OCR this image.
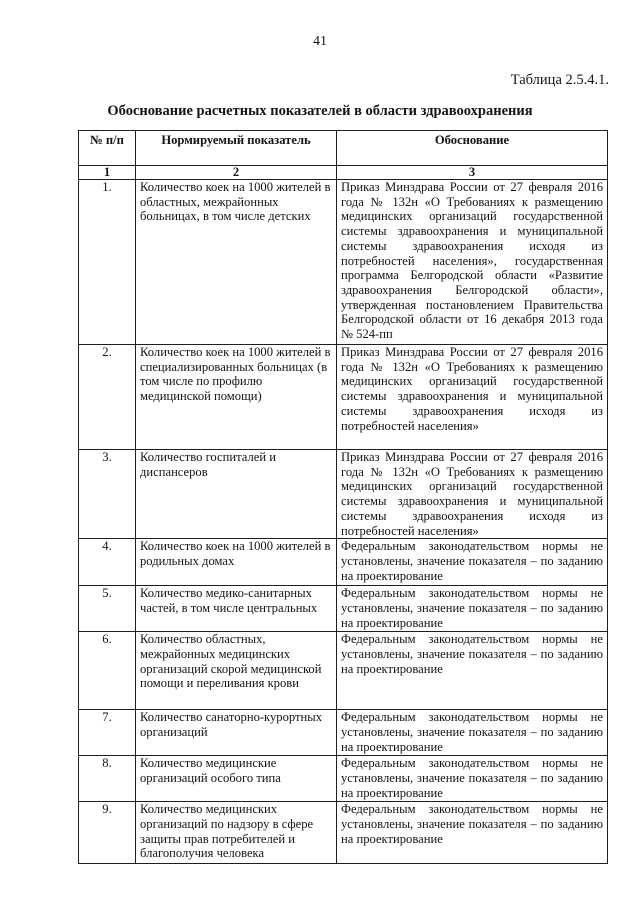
41
Таблица 2.5.4.1.
Обоснование расчетных показателей в области здравоохранения
№ п/п	Нормируемый показатель	Обоснование
1	2	3
1.	Количество коек на 1000 жителей в областных, межрайонных больницах, в том числе детских	Приказ Минздрава России от 27 февраля 2016 года № 132н «О Требованиях к размещению медицинских организаций государственной системы здравоохранения и муниципальной системы здравоохранения исходя из потребностей населения», государственная программа Белгородской области «Развитие здравоохранения Белгородской области», утвержденная постановлением Правительства Белгородской области от 16 декабря 2013 года № 524-пп
2.	Количество коек на 1000 жителей в специализированных больницах (в том числе по профилю медицинской помощи)	Приказ Минздрава России от 27 февраля 2016 года № 132н «О Требованиях к размещению медицинских организаций государственной системы здравоохранения и муниципальной системы здравоохранения исходя из потребностей населения»
3.	Количество госпиталей и диспансеров	Приказ Минздрава России от 27 февраля 2016 года № 132н «О Требованиях к размещению медицинских организаций государственной системы здравоохранения и муниципальной системы здравоохранения исходя из потребностей населения»
4.	Количество коек на 1000 жителей в родильных домах	Федеральным законодательством нормы не установлены, значение показателя – по заданию на проектирование
5.	Количество медико-санитарных частей, в том числе центральных	Федеральным законодательством нормы не установлены, значение показателя – по заданию на проектирование
6.	Количество областных, межрайонных медицинских организаций скорой медицинской помощи и переливания крови	Федеральным законодательством нормы не установлены, значение показателя – по заданию на проектирование
7.	Количество санаторно-курортных организаций	Федеральным законодательством нормы не установлены, значение показателя – по заданию на проектирование
8.	Количество медицинские организаций особого типа	Федеральным законодательством нормы не установлены, значение показателя – по заданию на проектирование
9.	Количество медицинских организаций по надзору в сфере защиты прав потребителей и благополучия человека	Федеральным законодательством нормы не установлены, значение показателя – по заданию на проектирование
